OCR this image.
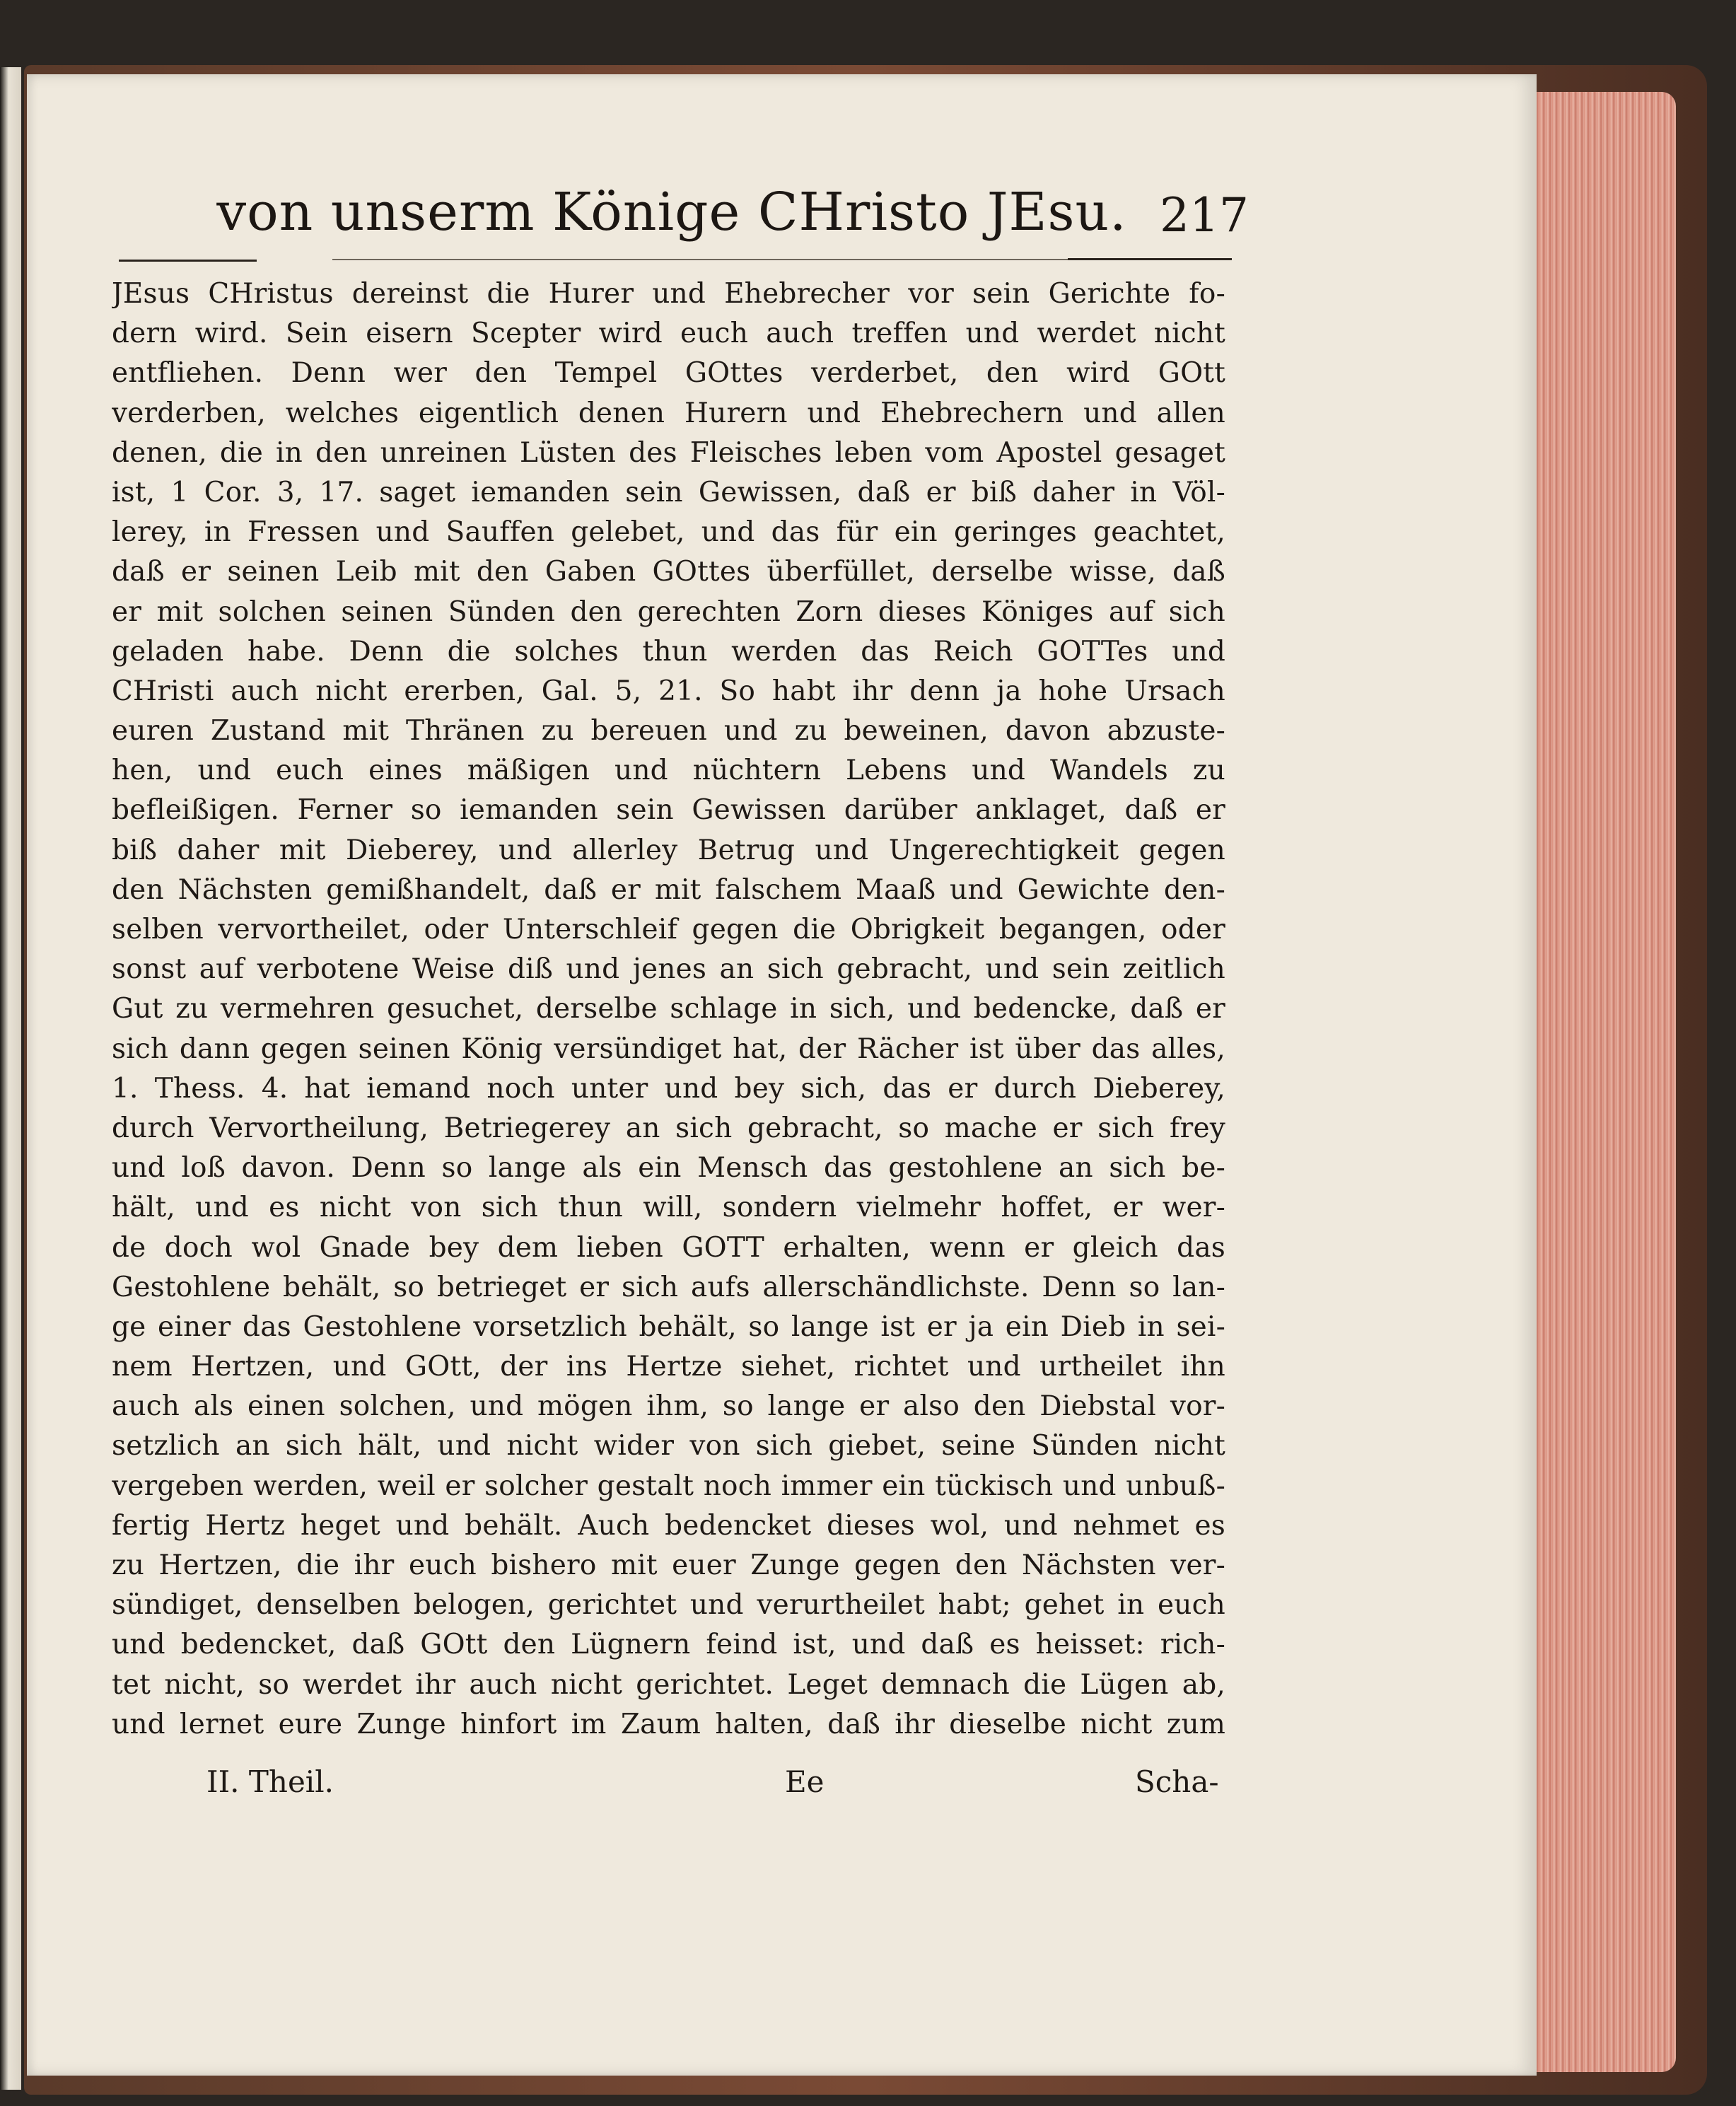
von unserm Könige CHristo JEsu. 217
JEsus CHristus dereinst die Hurer und Ehebrecher vor sein Gerichte fo-
dern wird. Sein eisern Scepter wird euch auch treffen und werdet nicht
entfliehen. Denn wer den Tempel GOttes verderbet, den wird GOtt
verderben, welches eigentlich denen Hurern und Ehebrechern und allen
denen, die in den unreinen Lüsten des Fleisches leben vom Apostel gesaget
ist, 1 Cor. 3, 17. saget iemanden sein Gewissen, daß er biß daher in Völ-
lerey, in Fressen und Sauffen gelebet, und das für ein geringes geachtet,
daß er seinen Leib mit den Gaben GOttes überfüllet, derselbe wisse, daß
er mit solchen seinen Sünden den gerechten Zorn dieses Königes auf sich
geladen habe. Denn die solches thun werden das Reich GOTTes und
CHristi auch nicht ererben, Gal. 5, 21. So habt ihr denn ja hohe Ursach
euren Zustand mit Thränen zu bereuen und zu beweinen, davon abzuste-
hen, und euch eines mäßigen und nüchtern Lebens und Wandels zu
befleißigen. Ferner so iemanden sein Gewissen darüber anklaget, daß er
biß daher mit Dieberey, und allerley Betrug und Ungerechtigkeit gegen
den Nächsten gemißhandelt, daß er mit falschem Maaß und Gewichte den-
selben vervortheilet, oder Unterschleif gegen die Obrigkeit begangen, oder
sonst auf verbotene Weise diß und jenes an sich gebracht, und sein zeitlich
Gut zu vermehren gesuchet, derselbe schlage in sich, und bedencke, daß er
sich dann gegen seinen König versündiget hat, der Rächer ist über das alles,
1. Thess. 4. hat iemand noch unter und bey sich, das er durch Dieberey,
durch Vervortheilung, Betriegerey an sich gebracht, so mache er sich frey
und loß davon. Denn so lange als ein Mensch das gestohlene an sich be-
hält, und es nicht von sich thun will, sondern vielmehr hoffet, er wer-
de doch wol Gnade bey dem lieben GOTT erhalten, wenn er gleich das
Gestohlene behält, so betrieget er sich aufs allerschändlichste. Denn so lan-
ge einer das Gestohlene vorsetzlich behält, so lange ist er ja ein Dieb in sei-
nem Hertzen, und GOtt, der ins Hertze siehet, richtet und urtheilet ihn
auch als einen solchen, und mögen ihm, so lange er also den Diebstal vor-
setzlich an sich hält, und nicht wider von sich giebet, seine Sünden nicht
vergeben werden, weil er solcher gestalt noch immer ein tückisch und unbuß-
fertig Hertz heget und behält. Auch bedencket dieses wol, und nehmet es
zu Hertzen, die ihr euch bishero mit euer Zunge gegen den Nächsten ver-
sündiget, denselben belogen, gerichtet und verurtheilet habt; gehet in euch
und bedencket, daß GOtt den Lügnern feind ist, und daß es heisset: rich-
tet nicht, so werdet ihr auch nicht gerichtet. Leget demnach die Lügen ab,
und lernet eure Zunge hinfort im Zaum halten, daß ihr dieselbe nicht zum
II. Theil.	Ee	Scha-
